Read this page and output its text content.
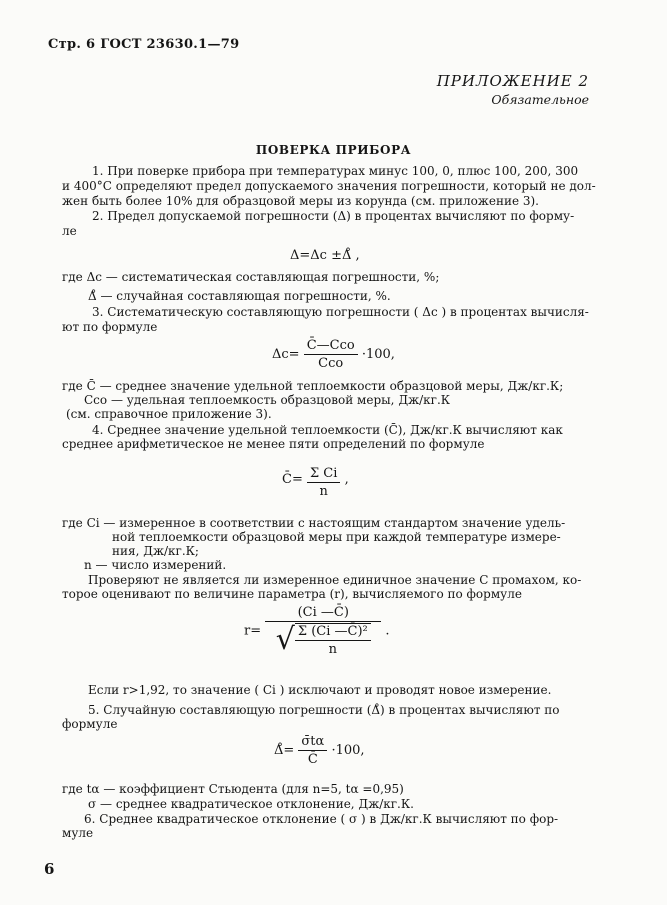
Стр. 6 ГОСТ 23630.1—79
ПРИЛОЖЕНИЕ 2
Обязательное
ПОВЕРКА ПРИБОРА
1. При поверке прибора при температурах минус 100, 0, плюс 100, 200, 300
и 400°С определяют предел допускаемого значения погрешности, который не дол-
жен быть более 10% для образцовой меры из корунда (см. приложение 3).
2. Предел допускаемой погрешности (Δ) в процентах вычисляют по форму-
ле
Δ=Δc ±Δ̊ ,
где Δc — систематическая составляющая погрешности, %;
Δ̊ — случайная составляющая погрешности, %.
3. Систематическую составляющую погрешности ( Δc ) в процентах вычисля-
ют по формуле
$\Delta c= \frac{\text{C̄—Cco}}{\text{Cco}} \cdot 100$,
где C̄ — среднее значение удельной теплоемкости образцовой меры, Дж/кг.К;
Cco — удельная теплоемкость образцовой меры, Дж/кг.К
(см. справочное приложение 3).
4. Среднее значение удельной теплоемкости (C̄), Дж/кг.К вычисляют как
среднее арифметическое не менее пяти определений по формуле
C̄= $\frac{\text{Σ Ci}}{n}$ ,
где Ci — измеренное в соответствии с настоящим стандартом значение удель-
ной теплоемкости образцовой меры при каждой температуре измере-
ния, Дж/кг.К;
n — число измерений.
Проверяют не является ли измеренное единичное значение C промахом, ко-
торое оценивают по величине параметра (r), вычисляемого по формуле
$r= \frac{(Ci —C̄)}{√ \frac{\text{Σ (Ci —C̄)²}}{n}}$ .
Если r>1,92, то значение ( Ci ) исключают и проводят новое измерение.
5. Случайную составляющую погрешности (Δ̊) в процентах вычисляют по
формуле
Δ̊= $\frac{\sigmāt\alpha}{C̄} \cdot 100$,
где tα — коэффициент Стьюдента (для n=5, tα =0,95)
σ — среднее квадратическое отклонение, Дж/кг.К.
6. Среднее квадратическое отклонение ( σ ) в Дж/кг.К вычисляют по фор-
муле
6
